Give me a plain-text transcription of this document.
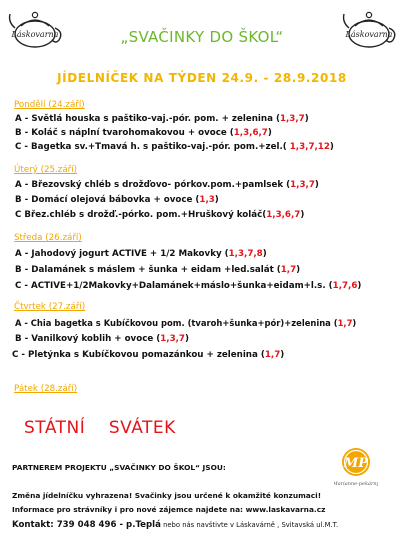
Láskovarna	Láskovarna
„SVAČINKY DO ŠKOL“
JÍDELNÍČEK NA TÝDEN 24.9. - 28.9.2018
Pondělí (24.září)
A - Světlá houska s paštiko-vaj.-pór. pom. + zelenina (1,3,7)
B - Koláč s náplní tvarohomakovou + ovoce (1,3,6,7)
C - Bagetka sv.+Tmavá h. s paštiko-vaj.-pór. pom.+zel.( 1,3,7,12)
Úterý (25.září)
A - Březovský chléb s drožďovo- pórkov.pom.+pamlsek (1,3,7)
B - Domácí olejová bábovka + ovoce (1,3)
C Břez.chléb s drožď.-pórko. pom.+Hruškový koláč(1,3,6,7)
Středa (26.září)
A - Jahodový jogurt ACTIVE + 1/2 Makovky (1,3,7,8)
B - Dalamánek s máslem + šunka + eidam +led.salát (1,7)
C - ACTIVE+1/2Makovky+Dalamánek+máslo+šunka+eidam+l.s. (1,7,6)
Čtvrtek (27.září)
A - Chia bagetka s Kubíčkovou pom. (tvaroh+šunka+pór)+zelenina (1,7)
B - Vanilkový koblih + ovoce (1,3,7)
C - Pletýnka s Kubíčkovou pomazánkou + zelenina (1,7)
Pátek (28.září)
STÁTNÍ    SVÁTEK
PARTNEREM PROJEKTU „SVAČINKY DO ŠKOL“ JSOU:	MP
Marianne-pekárny
Změna jídelníčku vyhrazena! Svačinky jsou určené k okamžité konzumaci!
Informace pro strávníky i pro nové zájemce najdete na: www.laskavarna.cz
Kontakt: 739 048 496 - p.Teplá nebo nás navštivte v Láskavárně , Svitavská ul.M.T.
